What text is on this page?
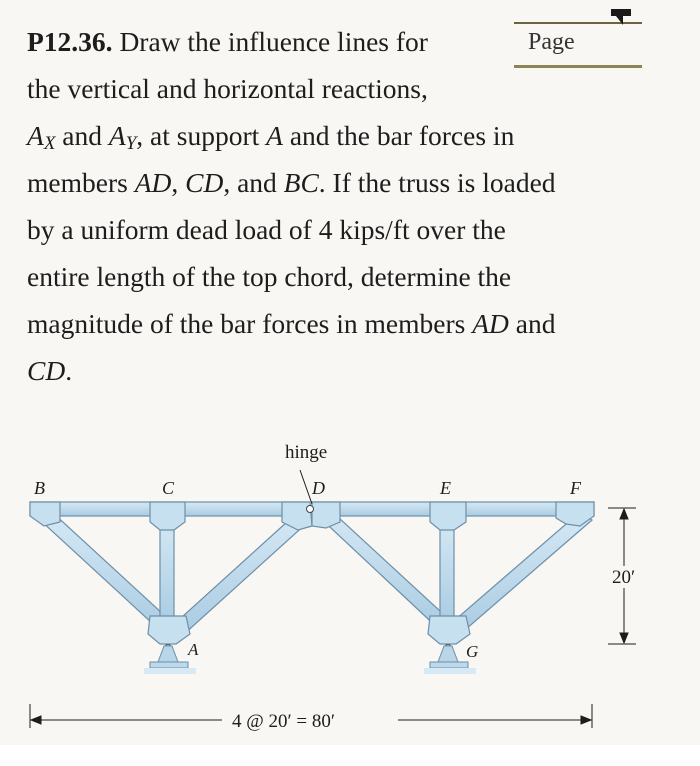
P12.36. Draw the influence lines for
the vertical and horizontal reactions,
$A_X$ and $A_Y$, at support A and the bar forces in
members AD, CD, and BC. If the truss is loaded
by a uniform dead load of 4 kips/ft over the
entire length of the top chord, determine the
magnitude of the bar forces in members AD and
CD.
Page
hinge
B	C	D	E	F
A	G
20′
4 @ 20′ = 80′
